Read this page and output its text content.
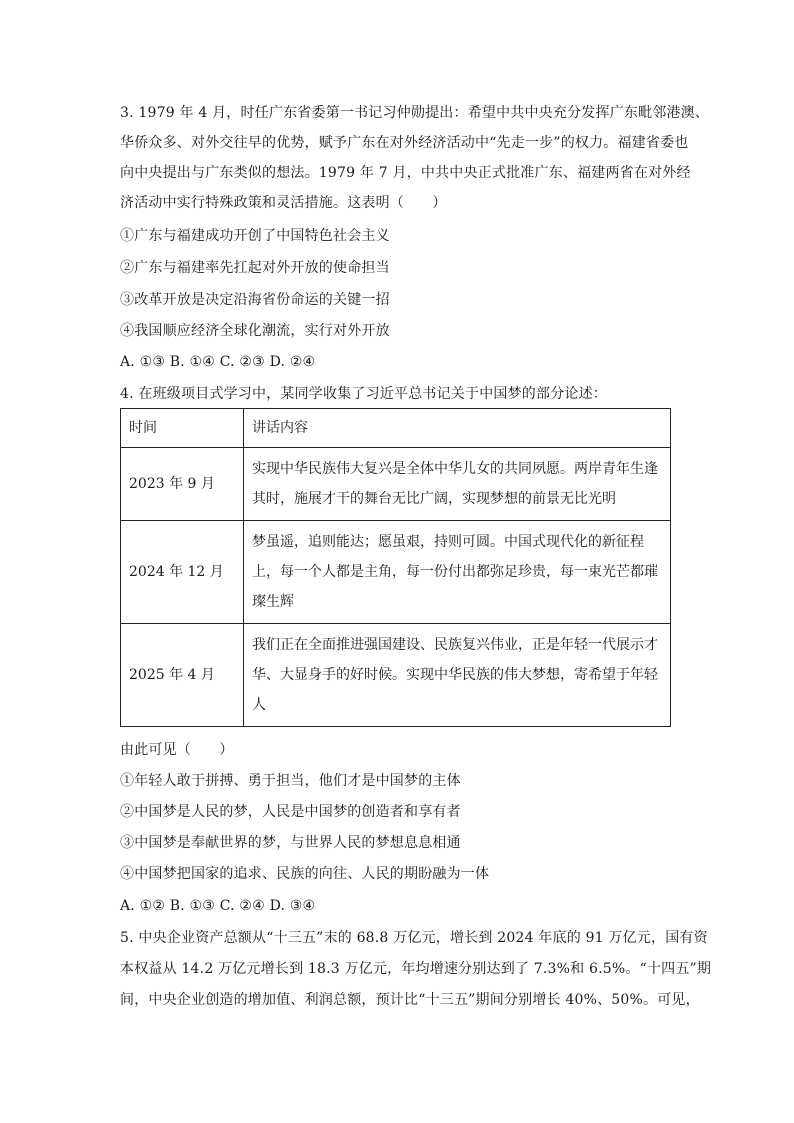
3. 1979 年 4 月，时任广东省委第一书记习仲勋提出：希望中共中央充分发挥广东毗邻港澳、
华侨众多、对外交往早的优势，赋予广东在对外经济活动中“先走一步”的权力。福建省委也
向中央提出与广东类似的想法。1979 年 7 月，中共中央正式批准广东、福建两省在对外经
济活动中实行特殊政策和灵活措施。这表明（　　）
①广东与福建成功开创了中国特色社会主义
②广东与福建率先扛起对外开放的使命担当
③改革开放是决定沿海省份命运的关键一招
④我国顺应经济全球化潮流，实行对外开放
A. ①③ B. ①④ C. ②③ D. ②④
4. 在班级项目式学习中，某同学收集了习近平总书记关于中国梦的部分论述：
时间	讲话内容
2023 年 9 月	实现中华民族伟大复兴是全体中华儿女的共同夙愿。两岸青年生逢其时，施展才干的舞台无比广阔，实现梦想的前景无比光明
2024 年 12 月	梦虽遥，追则能达；愿虽艰，持则可圆。中国式现代化的新征程上，每一个人都是主角，每一份付出都弥足珍贵，每一束光芒都璀璨生辉
2025 年 4 月	我们正在全面推进强国建设、民族复兴伟业，正是年轻一代展示才华、大显身手的好时候。实现中华民族的伟大梦想，寄希望于年轻人
由此可见（　　）
①年轻人敢于拼搏、勇于担当，他们才是中国梦的主体
②中国梦是人民的梦，人民是中国梦的创造者和享有者
③中国梦是奉献世界的梦，与世界人民的梦想息息相通
④中国梦把国家的追求、民族的向往、人民的期盼融为一体
A. ①② B. ①③ C. ②④ D. ③④
5. 中央企业资产总额从“十三五”末的 68.8 万亿元，增长到 2024 年底的 91 万亿元，国有资
本权益从 14.2 万亿元增长到 18.3 万亿元，年均增速分别达到了 7.3%和 6.5%。“十四五”期
间，中央企业创造的增加值、利润总额，预计比“十三五”期间分别增长 40%、50%。可见，
